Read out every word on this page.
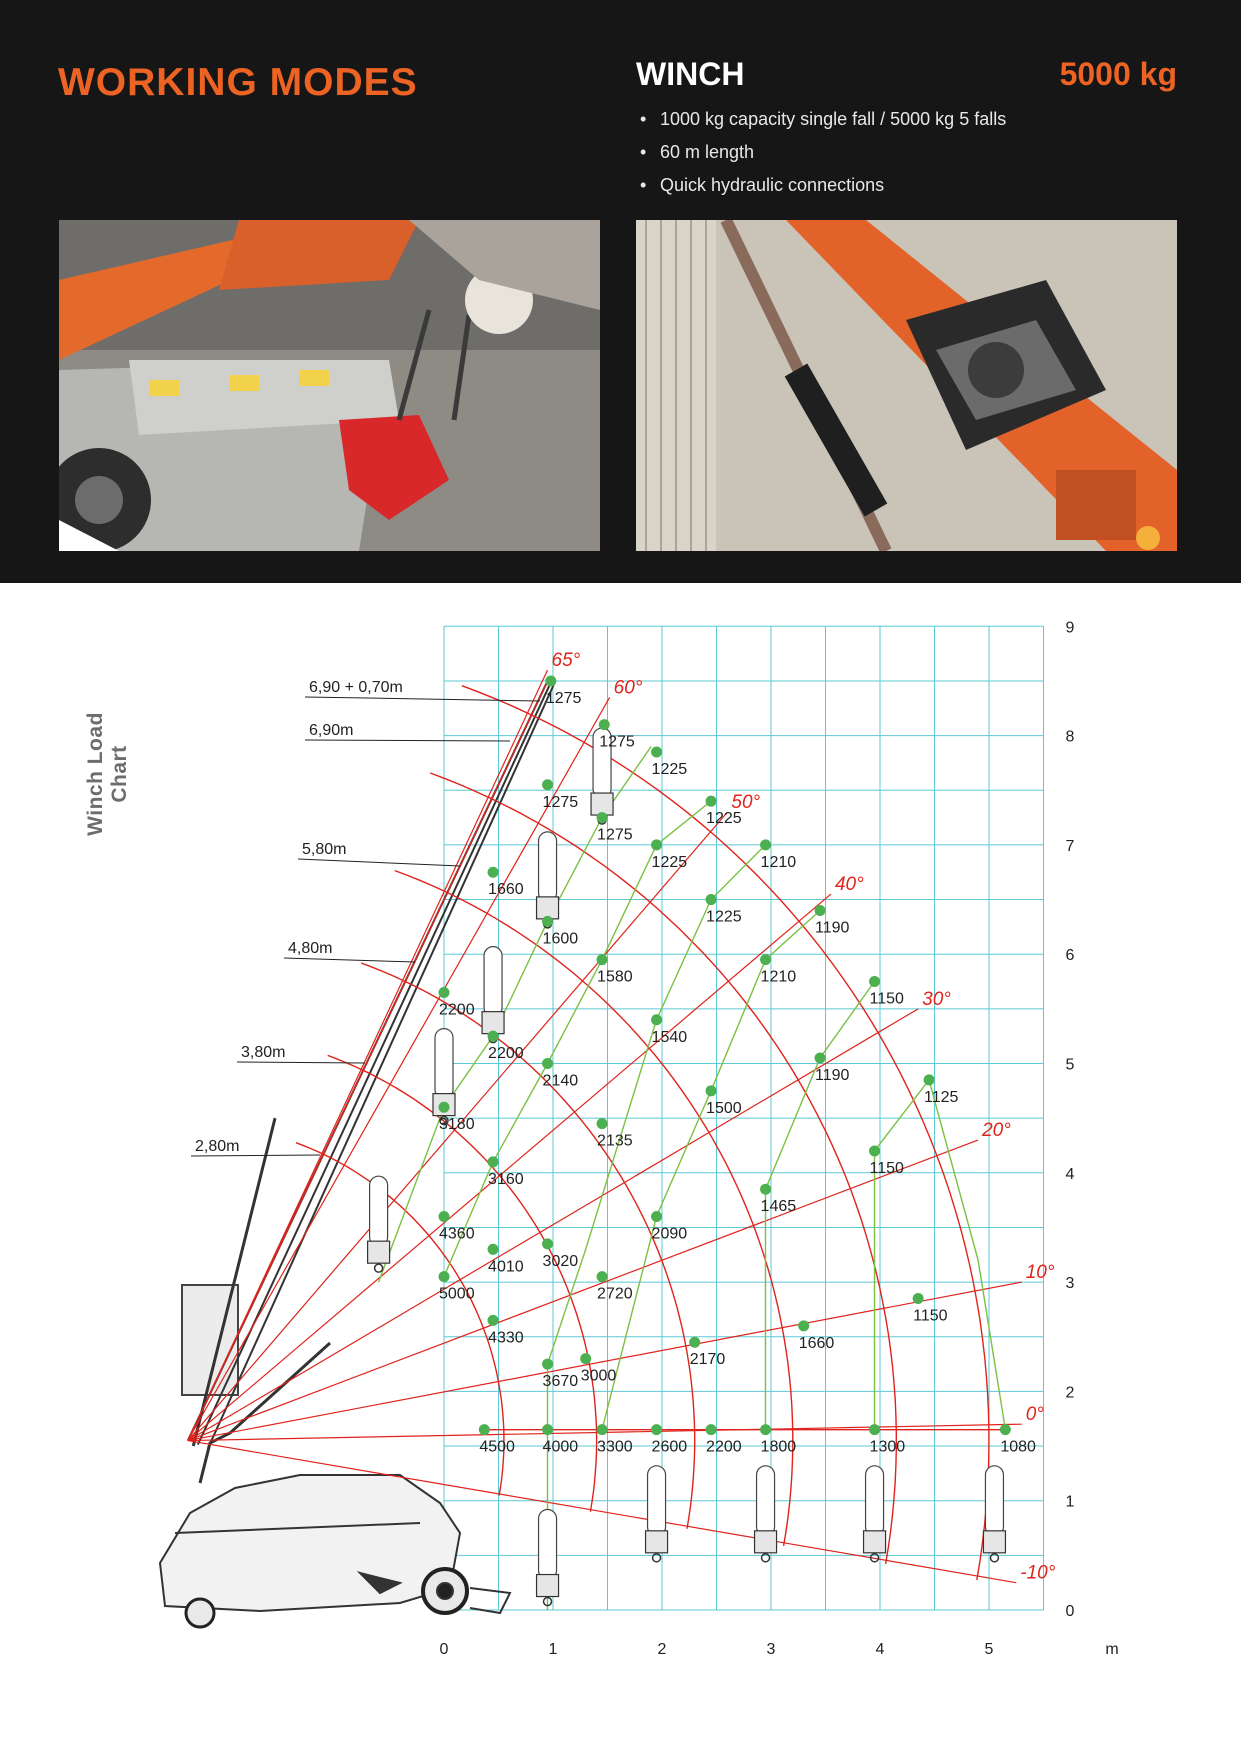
WORKING MODES	WINCH	5000 kg
• 1000 kg capacity single fall / 5000 kg 5 falls
• 60 m length
• Quick hydraulic connections
Winch Load Chart
6,90 + 0,70m
6,90m
5,80m
4,80m
3,80m
2,80m
65°
60°
50°
40°
30°
20°
10°
0°
-10°
1275
1275
1225
1275
1225
1275
1225	1210
1660
1225
1190
1600
1580	1210
1150
2200
2200
1540
1190
2140
1125
1500
3180
2135
1150
3160
1465
4360	2090
4010 3020
5000	2720
1150
4330	1660
2170
3000
3670
4500 4000 3300 2600 2200 1800	1300	1080
0	1	2	3	4	5	m
0
1
2
3
4
5
6
7
8
9
